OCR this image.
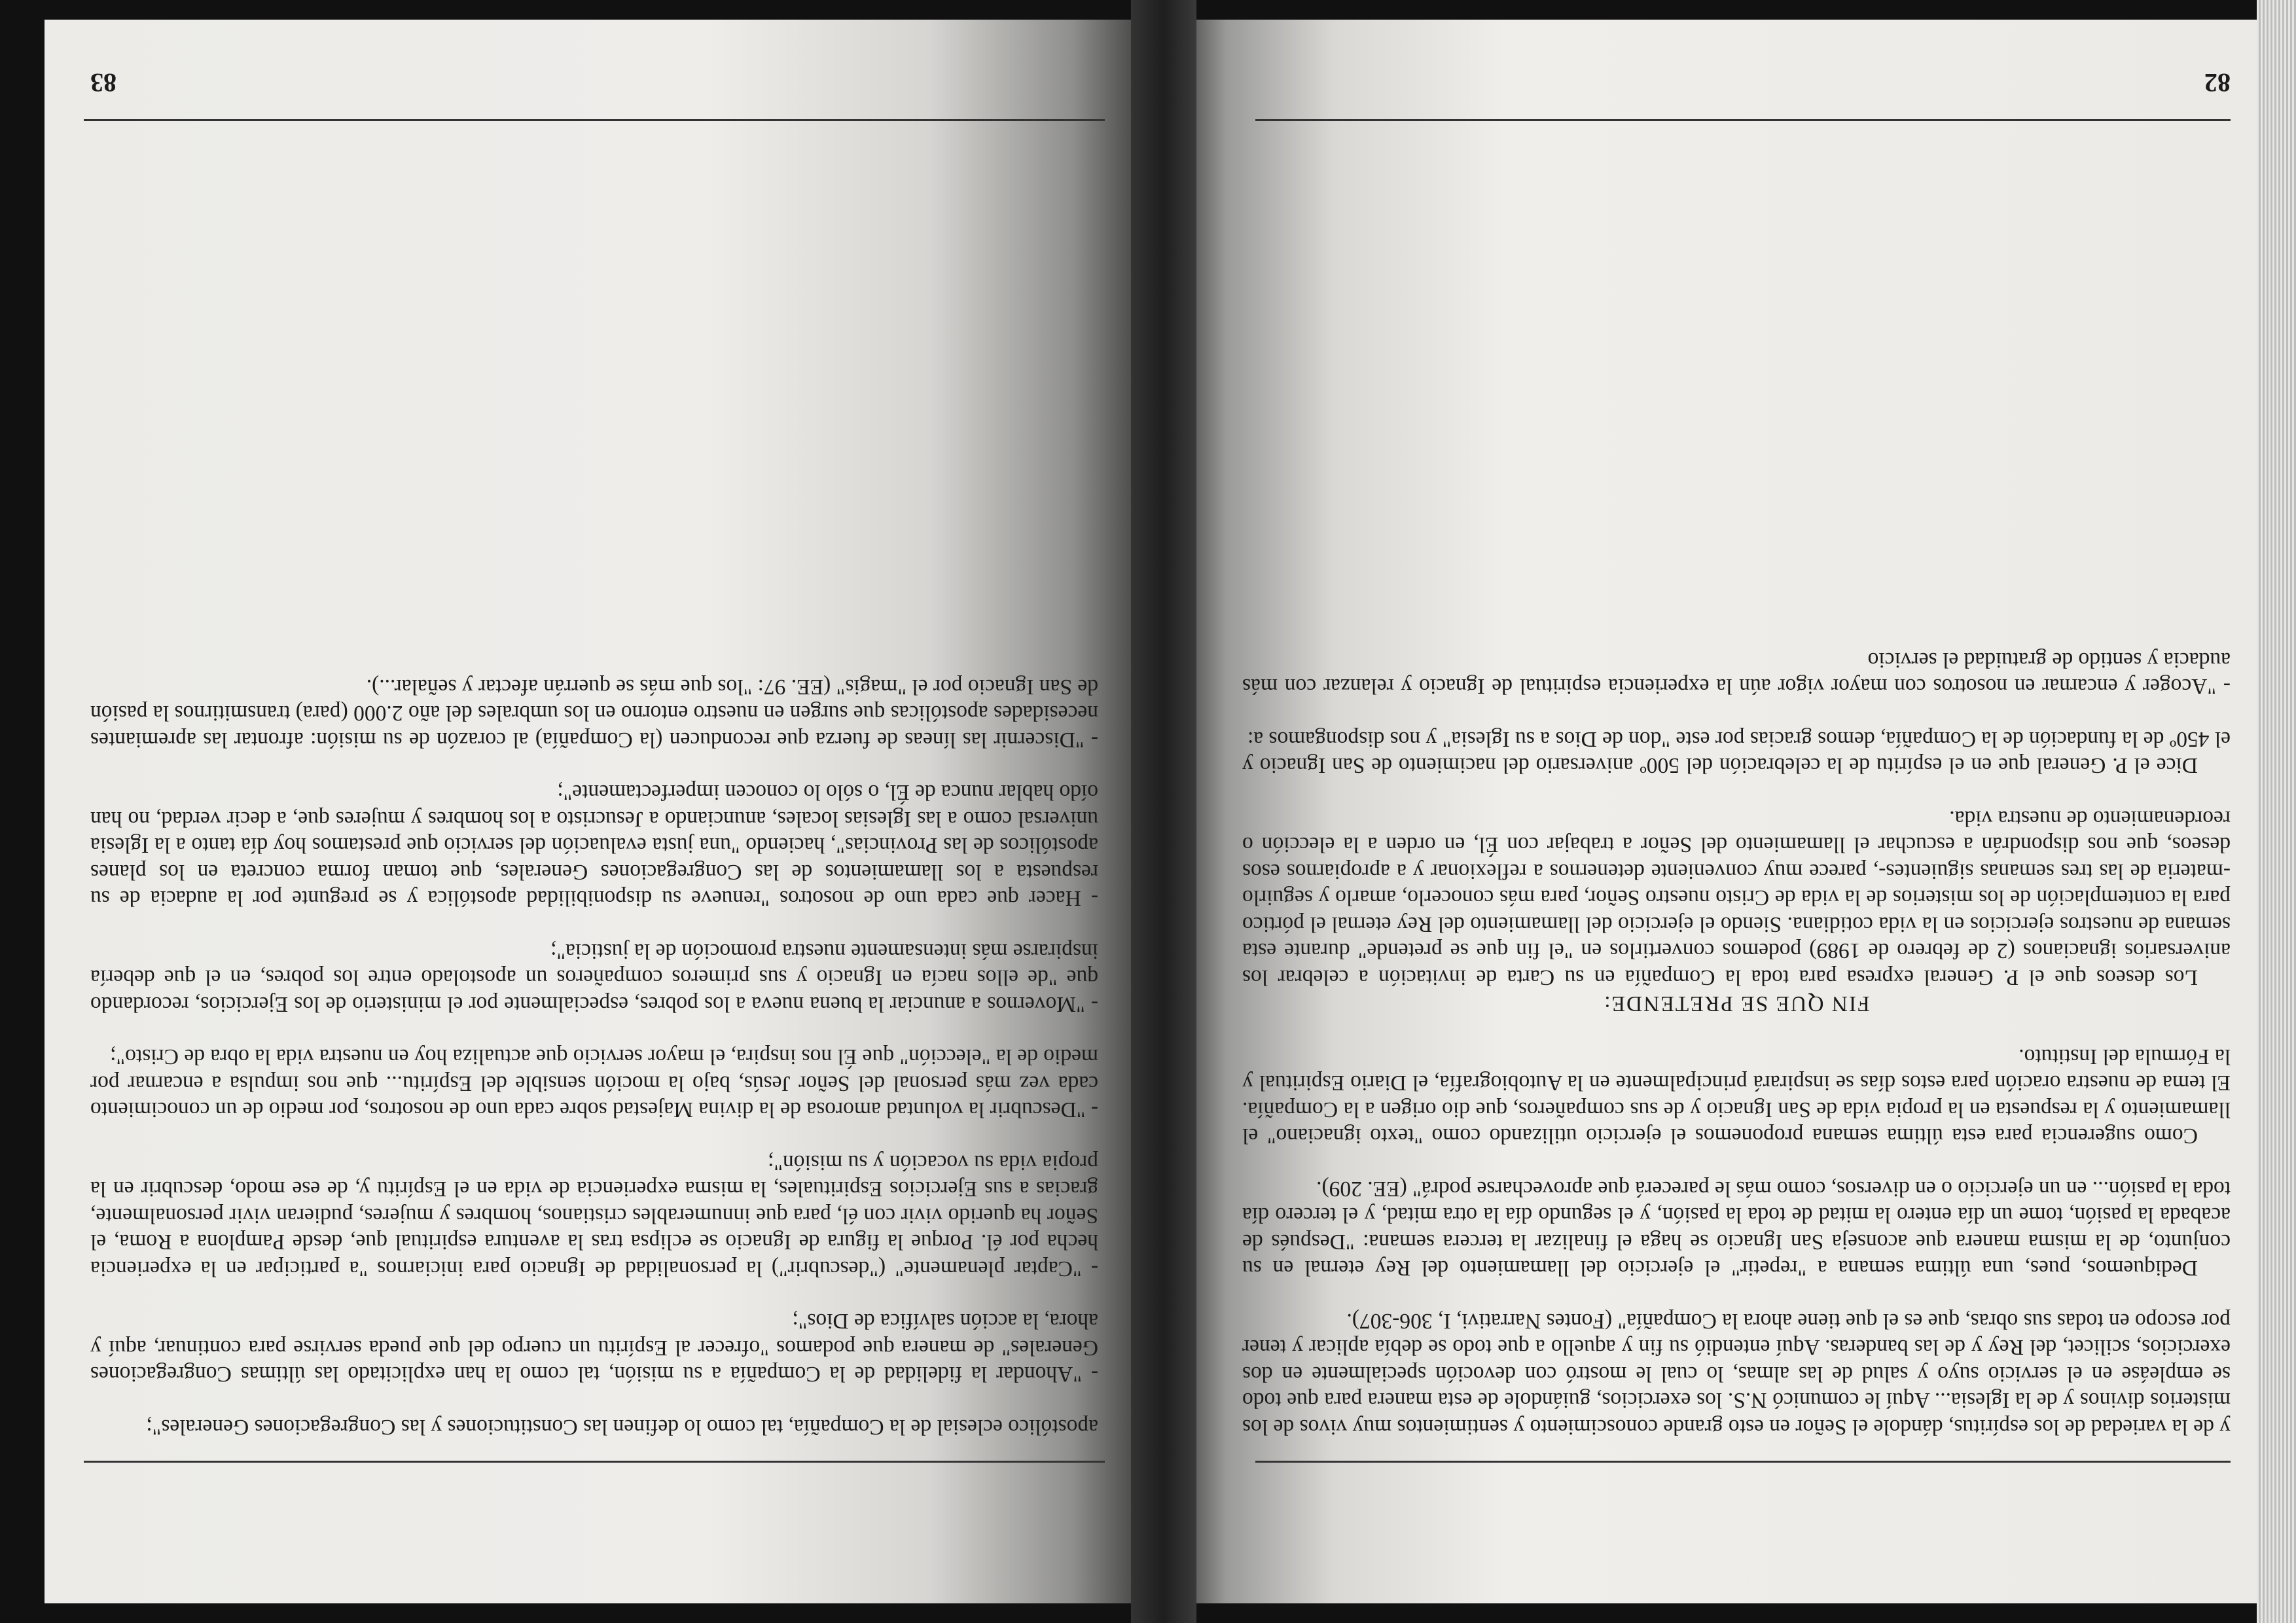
y de la variedad de los espíritus, dándole el Señor en esto grande conoscimiento y sentimientos muy vivos de los misterios divinos y de la Iglesia... Aquí le comunicó N.S. los exercicios, guiándole de esta manera para que todo se empleáse en el servicio suyo y salud de las almas, lo cual le mostró con devoción specialmente en dos exercicios, scilicet, del Rey y de las banderas. Aquí entendió su fin y aquello a que todo se debía aplicar y tener por escopo en todas sus obras, que es el que tiene ahora la Compañía" (Fontes Narrativi, I, 306-307).

Dediquemos, pues, una última semana a "repetir" el ejercicio del llamamiento del Rey eternal en su conjunto, de la misma manera que aconseja San Ignacio se haga el finalizar la tercera semana: "Después de acabada la pasión, tome un día entero la mitad de toda la pasión, y el segundo día la otra mitad, y el tercero día toda la pasión... en un ejercicio o en diversos, como más le parecerá que aprovecharse podrá" (EE. 209).

Como sugerencia para esta última semana proponemos el ejercicio utilizando como "texto ignaciano" el llamamiento y la respuesta en la propia vida de San Ignacio y de sus compañeros, que dio origen a la Compañía. El tema de nuestra oración para estos días se inspirará principalmente en la Autobiografía, el Diario Espiritual y la Fórmula del Instituto.

FIN QUE SE PRETENDE:

Los deseos que el P. General expresa para toda la Compañía en su Carta de invitación a celebrar los aniversarios ignacianos (2 de febrero de 1989) podemos convertirlos en "el fin que se pretende" durante esta semana de nuestros ejercicios en la vida cotidiana. Siendo el ejercicio del llamamiento del Rey eternal el pórtico para la contemplación de los misterios de la vida de Cristo nuestro Señor, para más conocerlo, amarlo y seguirlo -materia de las tres semanas siguientes-, parece muy conveniente detenernos a reflexionar y a apropiarnos esos deseos, que nos dispondrán a escuchar el llamamiento del Señor a trabajar con Él, en orden a la elección o reordenamiento de nuestra vida.

Dice el P. General que en el espíritu de la celebración del 500º aniversario del nacimiento de San Ignacio y el 450º de la fundación de la Compañía, demos gracias por este "don de Dios a su Iglesia" y nos dispongamos a:

- "Acoger y encarnar en nosotros con mayor vigor aún la experiencia espiritual de Ignacio y relanzar con más audacia y sentido de gratuidad el servicio

82

apostólico eclesial de la Compañía, tal como lo definen las Constituciones y las Congregaciones Generales";

- "Ahondar la fidelidad de la Compañía a su misión, tal como la han explicitado las últimas Congregaciones Generales" de manera que podamos "ofrecer al Espíritu un cuerpo del que pueda servirse para continuar, aquí y ahora, la acción salvífica de Dios";

- "Captar plenamente" ("descubrir") la personalidad de Ignacio para iniciarnos "a participar en la experiencia hecha por él. Porque la figura de Ignacio se eclipsa tras la aventura espiritual que, desde Pamplona a Roma, el Señor ha querido vivir con él, para que innumerables cristianos, hombres y mujeres, pudieran vivir personalmente, gracias a sus Ejercicios Espirituales, la misma experiencia de vida en el Espíritu y, de ese modo, descubrir en la propia vida su vocación y su misión";

- "Descubrir la voluntad amorosa de la divina Majestad sobre cada uno de nosotros, por medio de un conocimiento cada vez más personal del Señor Jesús, bajo la moción sensible del Espíritu... que nos impulsa a encarnar por medio de la "elección" que Él nos inspira, el mayor servicio que actualiza hoy en nuestra vida la obra de Cristo";

- "Movernos a anunciar la buena nueva a los pobres, especialmente por el ministerio de los Ejercicios, recordando que "de ellos nacía en Ignacio y sus primeros compañeros un apostolado entre los pobres, en el que debería inspirarse más intensamente nuestra promoción de la justicia";

- Hacer que cada uno de nosotros "renueve su disponibilidad apostólica y se pregunte por la audacia de su respuesta a los llamamientos de las Congregaciones Generales, que toman forma concreta en los planes apostólicos de las Provincias", haciendo "una justa evaluación del servicio que prestamos hoy día tanto a la Iglesia universal como a las Iglesias locales, anunciando a Jesucristo a los hombres y mujeres que, a decir verdad, no han oído hablar nunca de Él, o sólo lo conocen imperfectamente";

- "Discernir las líneas de fuerza que reconducen (la Compañía) al corazón de su misión: afrontar las apremiantes necesidades apostólicas que surgen en nuestro entorno en los umbrales del año 2.000 (para) transmitirnos la pasión de San Ignacio por el "magis" (EE. 97: "los que más se querrán afectar y señalar...).

83
